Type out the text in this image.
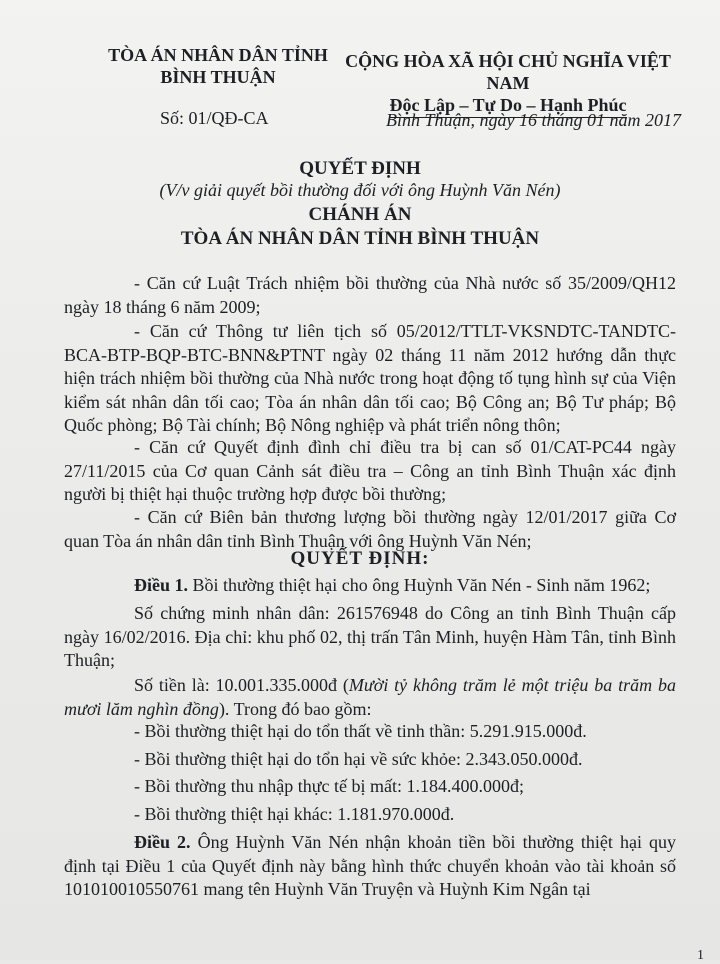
TÒA ÁN NHÂN DÂN TỈNH
BÌNH THUẬN
CỘNG HÒA XÃ HỘI CHỦ NGHĨA VIỆT NAM
Độc Lập – Tự Do – Hạnh Phúc
Số: 01/QĐ-CA	Bình Thuận, ngày 16 tháng 01 năm 2017
QUYẾT ĐỊNH
(V/v giải quyết bồi thường đối với ông Huỳnh Văn Nén)
CHÁNH ÁN
TÒA ÁN NHÂN DÂN TỈNH BÌNH THUẬN
- Căn cứ Luật Trách nhiệm bồi thường của Nhà nước số 35/2009/QH12 ngày 18 tháng 6 năm 2009;
- Căn cứ Thông tư liên tịch số 05/2012/TTLT-VKSNDTC-TANDTC-BCA-BTP-BQP-BTC-BNN&PTNT ngày 02 tháng 11 năm 2012 hướng dẫn thực hiện trách nhiệm bồi thường của Nhà nước trong hoạt động tố tụng hình sự của Viện kiểm sát nhân dân tối cao; Tòa án nhân dân tối cao; Bộ Công an; Bộ Tư pháp; Bộ Quốc phòng; Bộ Tài chính; Bộ Nông nghiệp và phát triển nông thôn;
- Căn cứ Quyết định đình chỉ điều tra bị can số 01/CAT-PC44 ngày 27/11/2015 của Cơ quan Cảnh sát điều tra – Công an tỉnh Bình Thuận xác định người bị thiệt hại thuộc trường hợp được bồi thường;
- Căn cứ Biên bản thương lượng bồi thường ngày 12/01/2017 giữa Cơ quan Tòa án nhân dân tỉnh Bình Thuận với ông Huỳnh Văn Nén;
QUYẾT ĐỊNH:
Điều 1. Bồi thường thiệt hại cho ông Huỳnh Văn Nén - Sinh năm 1962;
Số chứng minh nhân dân: 261576948 do Công an tỉnh Bình Thuận cấp ngày 16/02/2016. Địa chỉ: khu phố 02, thị trấn Tân Minh, huyện Hàm Tân, tỉnh Bình Thuận;
Số tiền là: 10.001.335.000đ (Mười tỷ không trăm lẻ một triệu ba trăm ba mươi lăm nghìn đồng). Trong đó bao gồm:
- Bồi thường thiệt hại do tổn thất về tinh thần: 5.291.915.000đ.
- Bồi thường thiệt hại do tổn hại về sức khỏe: 2.343.050.000đ.
- Bồi thường thu nhập thực tế bị mất: 1.184.400.000đ;
- Bồi thường thiệt hại khác: 1.181.970.000đ.
Điều 2. Ông Huỳnh Văn Nén nhận khoản tiền bồi thường thiệt hại quy định tại Điều 1 của Quyết định này bằng hình thức chuyển khoản vào tài khoản số 101010010550761 mang tên Huỳnh Văn Truyện và Huỳnh Kim Ngân tại
1
